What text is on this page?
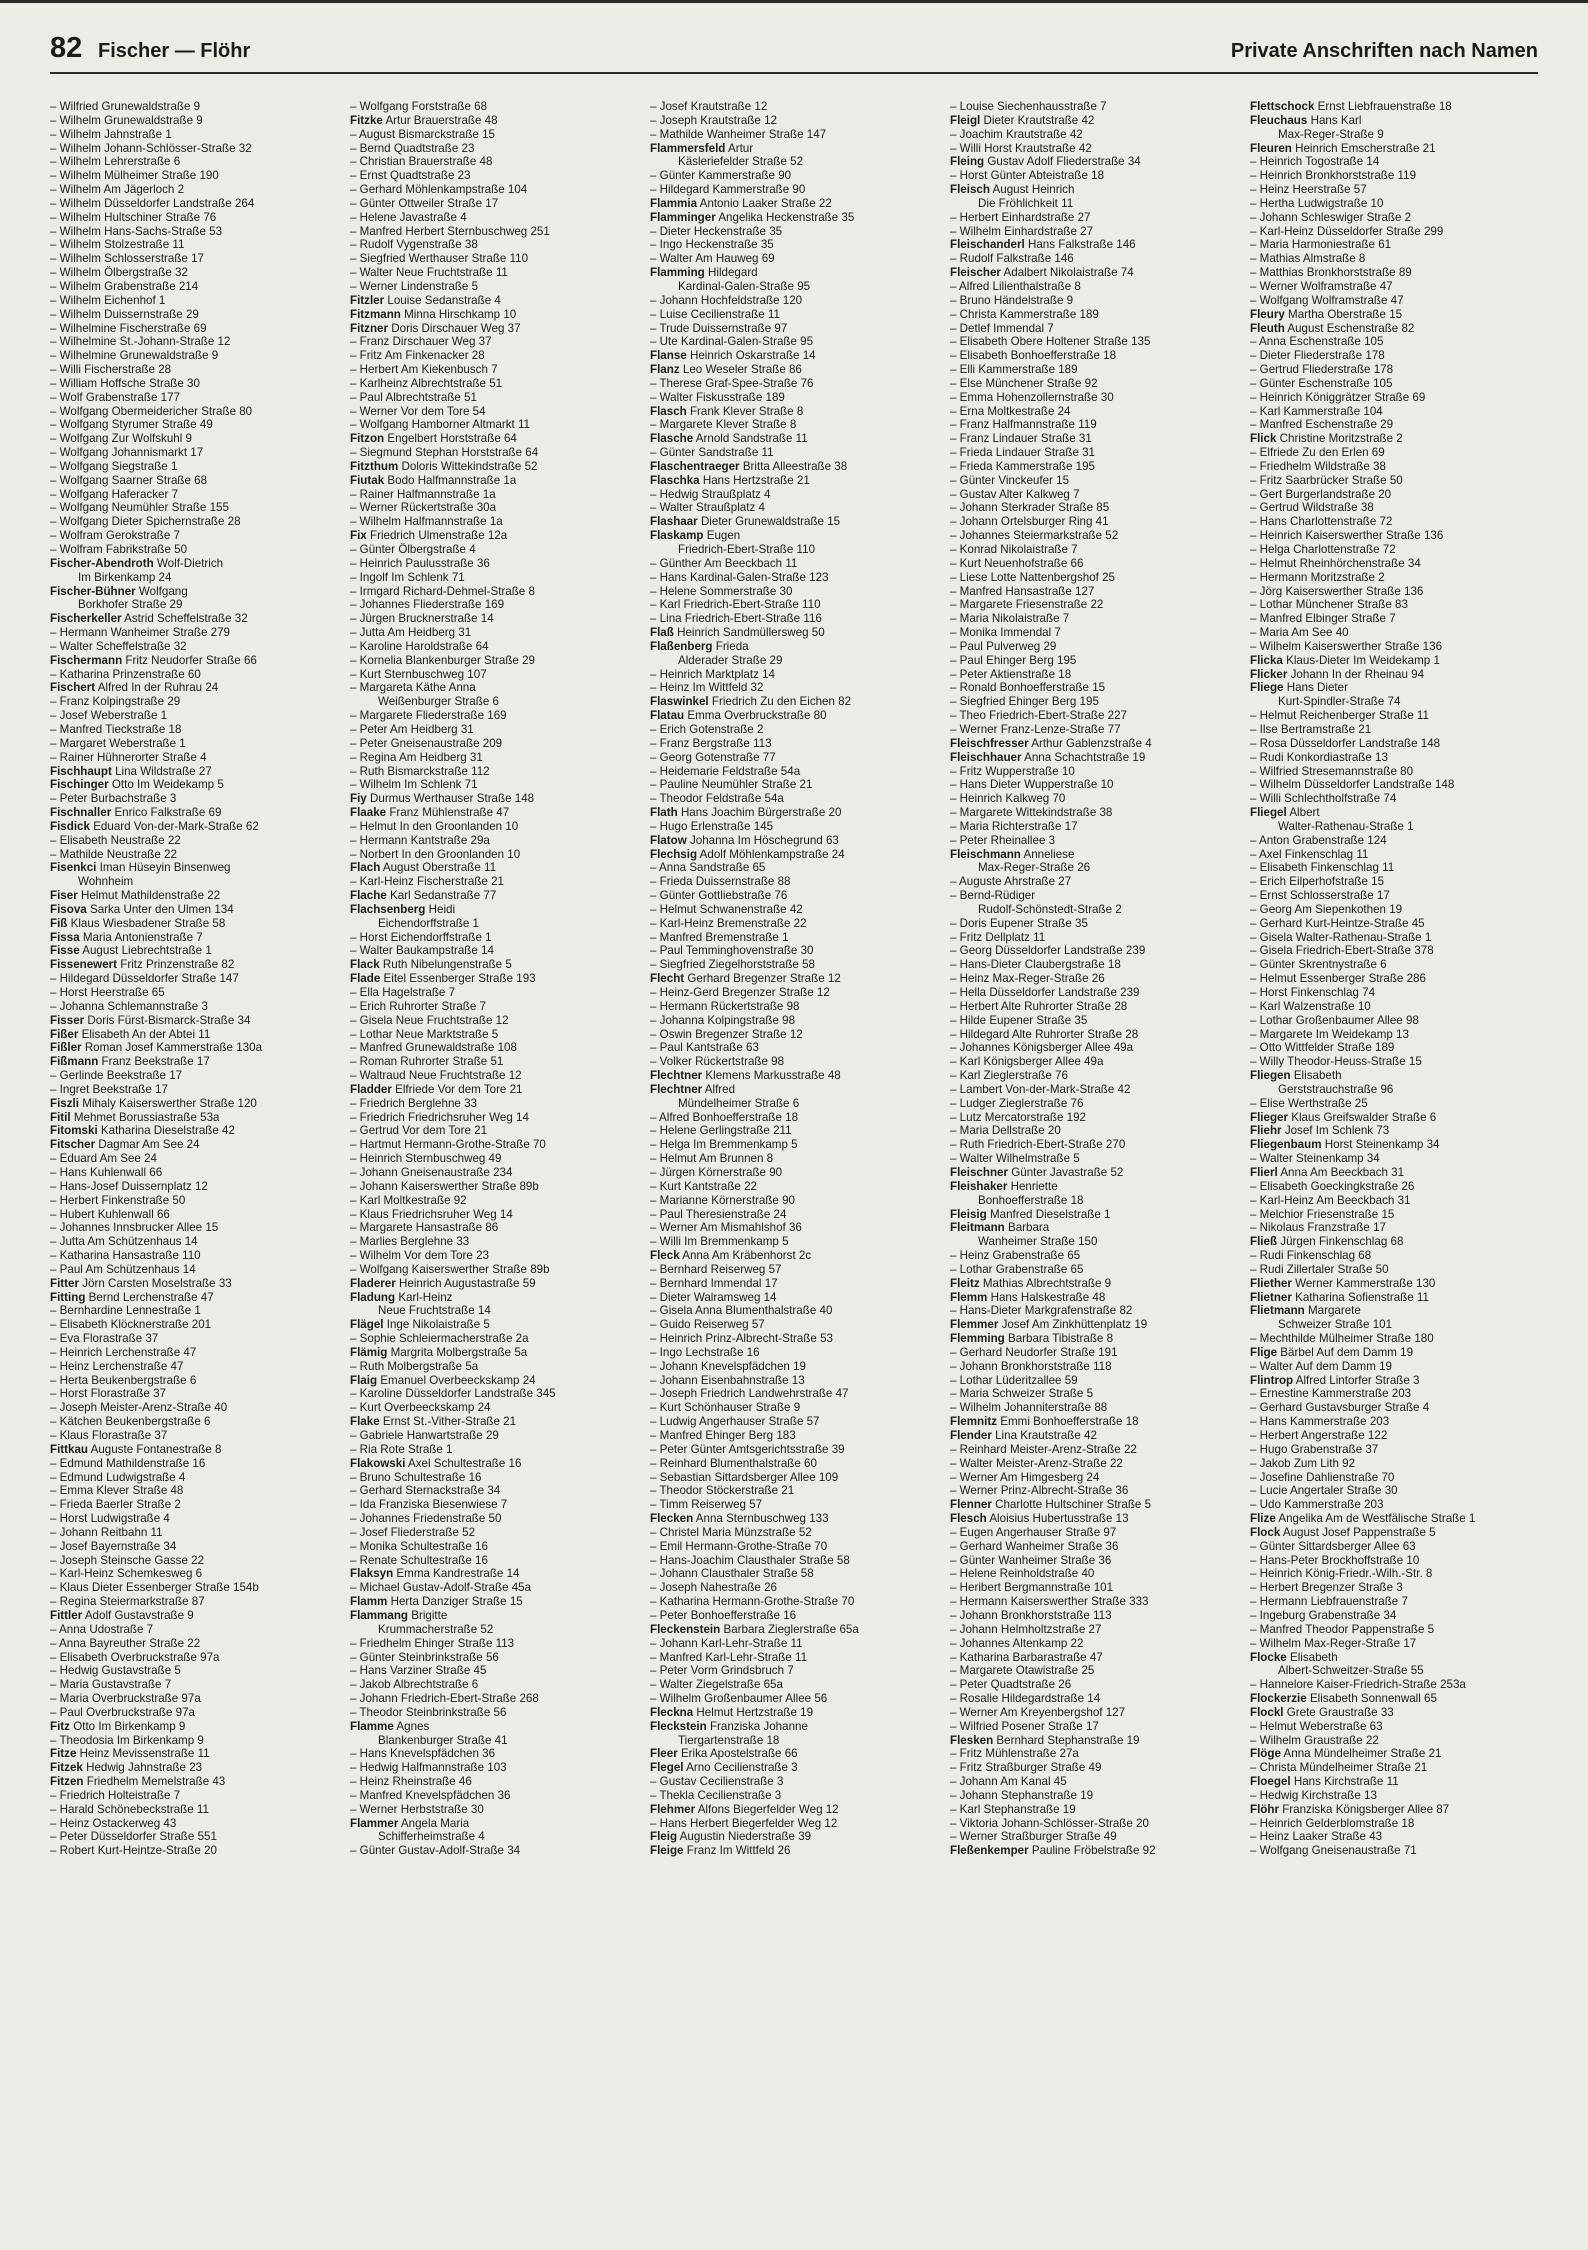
82 Fischer — Flöhr	Private Anschriften nach Namen
– Wilfried Grunewaldstraße 9
– Wilhelm Grunewaldstraße 9
– Wilhelm Jahnstraße 1
– Wilhelm Johann-Schlösser-Straße 32
– Wilhelm Lehrerstraße 6
– Wilhelm Mülheimer Straße 190
– Wilhelm Am Jägerloch 2
– Wilhelm Düsseldorfer Landstraße 264
– Wilhelm Hultschiner Straße 76
– Wilhelm Hans-Sachs-Straße 53
– Wilhelm Stolzestraße 11
– Wilhelm Schlosserstraße 17
– Wilhelm Ölbergstraße 32
– Wilhelm Grabenstraße 214
– Wilhelm Eichenhof 1
– Wilhelm Duissernstraße 29
– Wilhelmine Fischerstraße 69
– Wilhelmine St.-Johann-Straße 12
– Wilhelmine Grunewaldstraße 9
– Willi Fischerstraße 28
– William Hoffsche Straße 30
– Wolf Grabenstraße 177
– Wolfgang Obermeidericher Straße 80
– Wolfgang Styrumer Straße 49
– Wolfgang Zur Wolfskuhl 9
– Wolfgang Johannismarkt 17
– Wolfgang Siegstraße 1
– Wolfgang Saarner Straße 68
– Wolfgang Haferacker 7
– Wolfgang Neumühler Straße 155
– Wolfgang Dieter Spichernstraße 28
– Wolfram Gerokstraße 7
– Wolfram Fabrikstraße 50
Fischer-Abendroth Wolf-Dietrich
Im Birkenkamp 24
Fischer-Bühner Wolfgang
Borkhofer Straße 29
Fischerkeller Astrid Scheffelstraße 32
– Hermann Wanheimer Straße 279
– Walter Scheffelstraße 32
Fischermann Fritz Neudorfer Straße 66
– Katharina Prinzenstraße 60
Fischert Alfred In der Ruhrau 24
– Franz Kolpingstraße 29
– Josef Weberstraße 1
– Manfred Tieckstraße 18
– Margaret Weberstraße 1
– Rainer Hühnerorter Straße 4
Fischhaupt Lina Wildstraße 27
Fischinger Otto Im Weidekamp 5
– Peter Burbachstraße 3
Fischnaller Enrico Falkstraße 69
Fisdick Eduard Von-der-Mark-Straße 62
– Elisabeth Neustraße 22
– Mathilde Neustraße 22
Fisenkci Iman Hüseyin Binsenweg
Wohnheim
Fiser Helmut Mathildenstraße 22
Fisova Sarka Unter den Ulmen 134
Fiß Klaus Wiesbadener Straße 58
Fissa Maria Antonienstraße 7
Fisse August Liebrechtstraße 1
Fissenewert Fritz Prinzenstraße 82
– Hildegard Düsseldorfer Straße 147
– Horst Heerstraße 65
– Johanna Schlemannstraße 3
Fisser Doris Fürst-Bismarck-Straße 34
Fißer Elisabeth An der Abtei 11
Fißler Roman Josef Kammerstraße 130a
Fißmann Franz Beekstraße 17
– Gerlinde Beekstraße 17
– Ingret Beekstraße 17
Fiszli Mihaly Kaiserswerther Straße 120
Fitil Mehmet Borussiastraße 53a
Fitomski Katharina Dieselstraße 42
Fitscher Dagmar Am See 24
– Eduard Am See 24
– Hans Kuhlenwall 66
– Hans-Josef Duissernplatz 12
– Herbert Finkenstraße 50
– Hubert Kuhlenwall 66
– Johannes Innsbrucker Allee 15
– Jutta Am Schützenhaus 14
– Katharina Hansastraße 110
– Paul Am Schützenhaus 14
Fitter Jörn Carsten Moselstraße 33
Fitting Bernd Lerchenstraße 47
– Bernhardine Lennestraße 1
– Elisabeth Klöcknerstraße 201
– Eva Florastraße 37
– Heinrich Lerchenstraße 47
– Heinz Lerchenstraße 47
– Herta Beukenbergstraße 6
– Horst Florastraße 37
– Joseph Meister-Arenz-Straße 40
– Kätchen Beukenbergstraße 6
– Klaus Florastraße 37
Fittkau Auguste Fontanestraße 8
– Edmund Mathildenstraße 16
– Edmund Ludwigstraße 4
– Emma Klever Straße 48
– Frieda Baerler Straße 2
– Horst Ludwigstraße 4
– Johann Reitbahn 11
– Josef Bayernstraße 34
– Joseph Steinsche Gasse 22
– Karl-Heinz Schemkesweg 6
– Klaus Dieter Essenberger Straße 154b
– Regina Steiermarkstraße 87
Fittler Adolf Gustavstraße 9
– Anna Udostraße 7
– Anna Bayreuther Straße 22
– Elisabeth Overbruckstraße 97a
– Hedwig Gustavstraße 5
– Maria Gustavstraße 7
– Maria Overbruckstraße 97a
– Paul Overbruckstraße 97a
Fitz Otto Im Birkenkamp 9
– Theodosia Im Birkenkamp 9
Fitze Heinz Mevissenstraße 11
Fitzek Hedwig Jahnstraße 23
Fitzen Friedhelm Memelstraße 43
– Friedrich Holteistraße 7
– Harald Schönebeckstraße 11
– Heinz Ostackerweg 43
– Peter Düsseldorfer Straße 551
– Robert Kurt-Heintze-Straße 20
– Wolfgang Forststraße 68
Fitzke Artur Brauerstraße 48
– August Bismarckstraße 15
– Bernd Quadtstraße 23
– Christian Brauerstraße 48
– Ernst Quadtstraße 23
– Gerhard Möhlenkampstraße 104
– Günter Ottweiler Straße 17
– Helene Javastraße 4
– Manfred Herbert Sternbuschweg 251
– Rudolf Vygenstraße 38
– Siegfried Werthauser Straße 110
– Walter Neue Fruchtstraße 11
– Werner Lindenstraße 5
Fitzler Louise Sedanstraße 4
Fitzmann Minna Hirschkamp 10
Fitzner Doris Dirschauer Weg 37
– Franz Dirschauer Weg 37
– Fritz Am Finkenacker 28
– Herbert Am Kiekenbusch 7
– Karlheinz Albrechtstraße 51
– Paul Albrechtstraße 51
– Werner Vor dem Tore 54
– Wolfgang Hamborner Altmarkt 11
Fitzon Engelbert Horststraße 64
– Siegmund Stephan Horststraße 64
Fitzthum Doloris Wittekindstraße 52
Fiutak Bodo Halfmannstraße 1a
– Rainer Halfmannstraße 1a
– Werner Rückertstraße 30a
– Wilhelm Halfmannstraße 1a
Fix Friedrich Ulmenstraße 12a
– Günter Ölbergstraße 4
– Heinrich Paulusstraße 36
– Ingolf Im Schlenk 71
– Irmgard Richard-Dehmel-Straße 8
– Johannes Fliederstraße 169
– Jürgen Brucknerstraße 14
– Jutta Am Heidberg 31
– Karoline Haroldstraße 64
– Kornelia Blankenburger Straße 29
– Kurt Sternbuschweg 107
– Margareta Käthe Anna
Weißenburger Straße 6
– Margarete Fliederstraße 169
– Peter Am Heidberg 31
– Peter Gneisenaustraße 209
– Regina Am Heidberg 31
– Ruth Bismarckstraße 112
– Wilhelm Im Schlenk 71
Fiy Durmus Werthauser Straße 148
Flaake Franz Mühlenstraße 47
– Helmut In den Groonlanden 10
– Hermann Kantstraße 29a
– Norbert In den Groonlanden 10
Flach August Oberstraße 11
– Karl-Heinz Fischerstraße 21
Flache Karl Sedanstraße 77
Flachsenberg Heidi
Eichendorffstraße 1
– Horst Eichendorffstraße 1
– Walter Baukampstraße 14
Flack Ruth Nibelungenstraße 5
Flade Eitel Essenberger Straße 193
– Ella Hagelstraße 7
– Erich Ruhrorter Straße 7
– Gisela Neue Fruchtstraße 12
– Lothar Neue Marktstraße 5
– Manfred Grunewaldstraße 108
– Roman Ruhrorter Straße 51
– Waltraud Neue Fruchtstraße 12
Fladder Elfriede Vor dem Tore 21
– Friedrich Berglehne 33
– Friedrich Friedrichsruher Weg 14
– Gertrud Vor dem Tore 21
– Hartmut Hermann-Grothe-Straße 70
– Heinrich Sternbuschweg 49
– Johann Gneisenaustraße 234
– Johann Kaiserswerther Straße 89b
– Karl Moltkestraße 92
– Klaus Friedrichsruher Weg 14
– Margarete Hansastraße 86
– Marlies Berglehne 33
– Wilhelm Vor dem Tore 23
– Wolfgang Kaiserswerther Straße 89b
Fladerer Heinrich Augustastraße 59
Fladung Karl-Heinz
Neue Fruchtstraße 14
Flägel Inge Nikolaistraße 5
– Sophie Schleiermacherstraße 2a
Flämig Margrita Molbergstraße 5a
– Ruth Molbergstraße 5a
Flaig Emanuel Overbeeckskamp 24
– Karoline Düsseldorfer Landstraße 345
– Kurt Overbeeckskamp 24
Flake Ernst St.-Vither-Straße 21
– Gabriele Hanwartstraße 29
– Ria Rote Straße 1
Flakowski Axel Schultestraße 16
– Bruno Schultestraße 16
– Gerhard Sternackstraße 34
– Ida Franziska Biesenwiese 7
– Johannes Friedenstraße 50
– Josef Fliederstraße 52
– Monika Schultestraße 16
– Renate Schultestraße 16
Flaksyn Emma Kandrestraße 14
– Michael Gustav-Adolf-Straße 45a
Flamm Herta Danziger Straße 15
Flammang Brigitte
Krummacherstraße 52
– Friedhelm Ehinger Straße 113
– Günter Steinbrinkstraße 56
– Hans Varziner Straße 45
– Jakob Albrechtstraße 6
– Johann Friedrich-Ebert-Straße 268
– Theodor Steinbrinkstraße 56
Flamme Agnes
Blankenburger Straße 41
– Hans Knevelspfädchen 36
– Hedwig Halfmannstraße 103
– Heinz Rheinstraße 46
– Manfred Knevelspfädchen 36
– Werner Herbststraße 30
Flammer Angela Maria
Schifferheimstraße 4
– Günter Gustav-Adolf-Straße 34
– Josef Krautstraße 12
– Joseph Krautstraße 12
– Mathilde Wanheimer Straße 147
Flammersfeld Artur
Käsleriefelder Straße 52
– Günter Kammerstraße 90
– Hildegard Kammerstraße 90
Flammia Antonio Laaker Straße 22
Flamminger Angelika Heckenstraße 35
– Dieter Heckenstraße 35
– Ingo Heckenstraße 35
– Walter Am Hauweg 69
Flamming Hildegard
Kardinal-Galen-Straße 95
– Johann Hochfeldstraße 120
– Luise Cecilienstraße 11
– Trude Duissernstraße 97
– Ute Kardinal-Galen-Straße 95
Flanse Heinrich Oskarstraße 14
Flanz Leo Weseler Straße 86
– Therese Graf-Spee-Straße 76
– Walter Fiskusstraße 189
Flasch Frank Klever Straße 8
– Margarete Klever Straße 8
Flasche Arnold Sandstraße 11
– Günter Sandstraße 11
Flaschentraeger Britta Alleestraße 38
Flaschka Hans Hertzstraße 21
– Hedwig Straußplatz 4
– Walter Straußplatz 4
Flashaar Dieter Grunewaldstraße 15
Flaskamp Eugen
Friedrich-Ebert-Straße 110
– Günther Am Beeckbach 11
– Hans Kardinal-Galen-Straße 123
– Helene Sommerstraße 30
– Karl Friedrich-Ebert-Straße 110
– Lina Friedrich-Ebert-Straße 116
Flaß Heinrich Sandmüllersweg 50
Flaßenberg Frieda
Alderader Straße 29
– Heinrich Marktplatz 14
– Heinz Im Wittfeld 32
Flaswinkel Friedrich Zu den Eichen 82
Flatau Emma Overbruckstraße 80
– Erich Gotenstraße 2
– Franz Bergstraße 113
– Georg Gotenstraße 77
– Heidemarie Feldstraße 54a
– Pauline Neumühler Straße 21
– Theodor Feldstraße 54a
Flath Hans Joachim Bürgerstraße 20
– Hugo Erlenstraße 145
Flatow Johanna Im Höschegrund 63
Flechsig Adolf Möhlenkampstraße 24
– Anna Sandstraße 65
– Frieda Duissernstraße 88
– Günter Gottliebstraße 76
– Helmut Schwanenstraße 42
– Karl-Heinz Bremenstraße 22
– Manfred Bremenstraße 1
– Paul Temminghovenstraße 30
– Siegfried Ziegelhorststraße 58
Flecht Gerhard Bregenzer Straße 12
– Heinz-Gerd Bregenzer Straße 12
– Hermann Rückertstraße 98
– Johanna Kolpingstraße 98
– Oswin Bregenzer Straße 12
– Paul Kantstraße 63
– Volker Rückertstraße 98
Flechtner Klemens Markusstraße 48
Flechtner Alfred
Mündelheimer Straße 6
– Alfred Bonhoefferstraße 18
– Helene Gerlingstraße 211
– Helga Im Bremmenkamp 5
– Helmut Am Brunnen 8
– Jürgen Körnerstraße 90
– Kurt Kantstraße 22
– Marianne Körnerstraße 90
– Paul Theresienstraße 24
– Werner Am Mismahlshof 36
– Willi Im Bremmenkamp 5
Fleck Anna Am Kräbenhorst 2c
– Bernhard Reiserweg 57
– Bernhard Immendal 17
– Dieter Walramsweg 14
– Gisela Anna Blumenthalstraße 40
– Guido Reiserweg 57
– Heinrich Prinz-Albrecht-Straße 53
– Ingo Lechstraße 16
– Johann Knevelspfädchen 19
– Johann Eisenbahnstraße 13
– Joseph Friedrich Landwehrstraße 47
– Kurt Schönhauser Straße 9
– Ludwig Angerhauser Straße 57
– Manfred Ehinger Berg 183
– Peter Günter Amtsgerichtsstraße 39
– Reinhard Blumenthalstraße 60
– Sebastian Sittardsberger Allee 109
– Theodor Stöckerstraße 21
– Timm Reiserweg 57
Flecken Anna Sternbuschweg 133
– Christel Maria Münzstraße 52
– Emil Hermann-Grothe-Straße 70
– Hans-Joachim Clausthaler Straße 58
– Johann Clausthaler Straße 58
– Joseph Nahestraße 26
– Katharina Hermann-Grothe-Straße 70
– Peter Bonhoefferstraße 16
Fleckenstein Barbara Zieglerstraße 65a
– Johann Karl-Lehr-Straße 11
– Manfred Karl-Lehr-Straße 11
– Peter Vorm Grindsbruch 7
– Walter Ziegelstraße 65a
– Wilhelm Großenbaumer Allee 56
Fleckna Helmut Hertzstraße 19
Fleckstein Franziska Johanne
Tiergartenstraße 18
Fleer Erika Apostelstraße 66
Flegel Arno Cecilienstraße 3
– Gustav Cecilienstraße 3
– Thekla Cecilienstraße 3
Flehmer Alfons Biegerfelder Weg 12
– Hans Herbert Biegerfelder Weg 12
Fleig Augustin Niederstraße 39
Fleige Franz Im Wittfeld 26
– Louise Siechenhausstraße 7
Fleigl Dieter Krautstraße 42
– Joachim Krautstraße 42
– Willi Horst Krautstraße 42
Fleing Gustav Adolf Fliederstraße 34
– Horst Günter Abteistraße 18
Fleisch August Heinrich
Die Fröhlichkeit 11
– Herbert Einhardstraße 27
– Wilhelm Einhardstraße 27
Fleischanderl Hans Falkstraße 146
– Rudolf Falkstraße 146
Fleischer Adalbert Nikolaistraße 74
– Alfred Lilienthalstraße 8
– Bruno Händelstraße 9
– Christa Kammerstraße 189
– Detlef Immendal 7
– Elisabeth Obere Holtener Straße 135
– Elisabeth Bonhoefferstraße 18
– Elli Kammerstraße 189
– Else Münchener Straße 92
– Emma Hohenzollernstraße 30
– Erna Moltkestraße 24
– Franz Halfmannstraße 119
– Franz Lindauer Straße 31
– Frieda Lindauer Straße 31
– Frieda Kammerstraße 195
– Günter Vinckeufer 15
– Gustav Alter Kalkweg 7
– Johann Sterkrader Straße 85
– Johann Ortelsburger Ring 41
– Johannes Steiermarkstraße 52
– Konrad Nikolaistraße 7
– Kurt Neuenhofstraße 66
– Liese Lotte Nattenbergshof 25
– Manfred Hansastraße 127
– Margarete Friesenstraße 22
– Maria Nikolaistraße 7
– Monika Immendal 7
– Paul Pulverweg 29
– Paul Ehinger Berg 195
– Peter Aktienstraße 18
– Ronald Bonhoefferstraße 15
– Siegfried Ehinger Berg 195
– Theo Friedrich-Ebert-Straße 227
– Werner Franz-Lenze-Straße 77
Fleischfresser Arthur Gablenzstraße 4
Fleischhauer Anna Schachtstraße 19
– Fritz Wupperstraße 10
– Hans Dieter Wupperstraße 10
– Heinrich Kalkweg 70
– Margarete Wittekindstraße 38
– Maria Richterstraße 17
– Peter Rheinallee 3
Fleischmann Anneliese
Max-Reger-Straße 26
– Auguste Ahrstraße 27
– Bernd-Rüdiger
Rudolf-Schönstedt-Straße 2
– Doris Eupener Straße 35
– Fritz Dellplatz 11
– Georg Düsseldorfer Landstraße 239
– Hans-Dieter Claubergstraße 18
– Heinz Max-Reger-Straße 26
– Hella Düsseldorfer Landstraße 239
– Herbert Alte Ruhrorter Straße 28
– Hilde Eupener Straße 35
– Hildegard Alte Ruhrorter Straße 28
– Johannes Königsberger Allee 49a
– Karl Königsberger Allee 49a
– Karl Zieglerstraße 76
– Lambert Von-der-Mark-Straße 42
– Ludger Zieglerstraße 76
– Lutz Mercatorstraße 192
– Maria Dellstraße 20
– Ruth Friedrich-Ebert-Straße 270
– Walter Wilhelmstraße 5
Fleischner Günter Javastraße 52
Fleishaker Henriette
Bonhoefferstraße 18
Fleisig Manfred Dieselstraße 1
Fleitmann Barbara
Wanheimer Straße 150
– Heinz Grabenstraße 65
– Lothar Grabenstraße 65
Fleitz Mathias Albrechtstraße 9
Flemm Hans Halskestraße 48
– Hans-Dieter Markgrafenstraße 82
Flemmer Josef Am Zinkhüttenplatz 19
Flemming Barbara Tibistraße 8
– Gerhard Neudorfer Straße 191
– Johann Bronkhorststraße 118
– Lothar Lüderitzallee 59
– Maria Schweizer Straße 5
– Wilhelm Johanniterstraße 88
Flemnitz Emmi Bonhoefferstraße 18
Flender Lina Krautstraße 42
– Reinhard Meister-Arenz-Straße 22
– Walter Meister-Arenz-Straße 22
– Werner Am Himgesberg 24
– Werner Prinz-Albrecht-Straße 36
Flenner Charlotte Hultschiner Straße 5
Flesch Aloisius Hubertusstraße 13
– Eugen Angerhauser Straße 97
– Gerhard Wanheimer Straße 36
– Günter Wanheimer Straße 36
– Helene Reinholdstraße 40
– Heribert Bergmannstraße 101
– Hermann Kaiserswerther Straße 333
– Johann Bronkhorststraße 113
– Johann Helmholtzstraße 27
– Johannes Altenkamp 22
– Katharina Barbarastraße 47
– Margarete Otawistraße 25
– Peter Quadtstraße 26
– Rosalie Hildegardstraße 14
– Werner Am Kreyenbergshof 127
– Wilfried Posener Straße 17
Flesken Bernhard Stephanstraße 19
– Fritz Mühlenstraße 27a
– Fritz Straßburger Straße 49
– Johann Am Kanal 45
– Johann Stephanstraße 19
– Karl Stephanstraße 19
– Viktoria Johann-Schlösser-Straße 20
– Werner Straßburger Straße 49
Fleßenkemper Pauline Fröbelstraße 92
Flettschock Ernst Liebfrauenstraße 18
Fleuchaus Hans Karl
Max-Reger-Straße 9
Fleuren Heinrich Emscherstraße 21
– Heinrich Togostraße 14
– Heinrich Bronkhorststraße 119
– Heinz Heerstraße 57
– Hertha Ludwigstraße 10
– Johann Schleswiger Straße 2
– Karl-Heinz Düsseldorfer Straße 299
– Maria Harmoniestraße 61
– Mathias Almstraße 8
– Matthias Bronkhorststraße 89
– Werner Wolframstraße 47
– Wolfgang Wolframstraße 47
Fleury Martha Oberstraße 15
Fleuth August Eschenstraße 82
– Anna Eschenstraße 105
– Dieter Fliederstraße 178
– Gertrud Fliederstraße 178
– Günter Eschenstraße 105
– Heinrich Königgrätzer Straße 69
– Karl Kammerstraße 104
– Manfred Eschenstraße 29
Flick Christine Moritzstraße 2
– Elfriede Zu den Erlen 69
– Friedhelm Wildstraße 38
– Fritz Saarbrücker Straße 50
– Gert Burgerlandstraße 20
– Gertrud Wildstraße 38
– Hans Charlottenstraße 72
– Heinrich Kaiserswerther Straße 136
– Helga Charlottenstraße 72
– Helmut Rheinhörchenstraße 34
– Hermann Moritzstraße 2
– Jörg Kaiserswerther Straße 136
– Lothar Münchener Straße 83
– Manfred Elbinger Straße 7
– Maria Am See 40
– Wilhelm Kaiserswerther Straße 136
Flicka Klaus-Dieter Im Weidekamp 1
Flicker Johann In der Rheinau 94
Fliege Hans Dieter
Kurt-Spindler-Straße 74
– Helmut Reichenberger Straße 11
– Ilse Bertramstraße 21
– Rosa Düsseldorfer Landstraße 148
– Rudi Konkordiastraße 13
– Wilfried Stresemannstraße 80
– Wilhelm Düsseldorfer Landstraße 148
– Willi Schlechtholfstraße 74
Fliegel Albert
Walter-Rathenau-Straße 1
– Anton Grabenstraße 124
– Axel Finkenschlag 11
– Elisabeth Finkenschlag 11
– Erich Eilperhofstraße 15
– Ernst Schlosserstraße 17
– Georg Am Siepenkothen 19
– Gerhard Kurt-Heintze-Straße 45
– Gisela Walter-Rathenau-Straße 1
– Gisela Friedrich-Ebert-Straße 378
– Günter Skrentnystraße 6
– Helmut Essenberger Straße 286
– Horst Finkenschlag 74
– Karl Walzenstraße 10
– Lothar Großenbaumer Allee 98
– Margarete Im Weidekamp 13
– Otto Wittfelder Straße 189
– Willy Theodor-Heuss-Straße 15
Fliegen Elisabeth
Gerststrauchstraße 96
– Elise Werthstraße 25
Flieger Klaus Greifswalder Straße 6
Fliehr Josef Im Schlenk 73
Fliegenbaum Horst Steinenkamp 34
– Walter Steinenkamp 34
Flierl Anna Am Beeckbach 31
– Elisabeth Goeckingkstraße 26
– Karl-Heinz Am Beeckbach 31
– Melchior Friesenstraße 15
– Nikolaus Franzstraße 17
Fließ Jürgen Finkenschlag 68
– Rudi Finkenschlag 68
– Rudi Zillertaler Straße 50
Fliether Werner Kammerstraße 130
Flietner Katharina Sofienstraße 11
Flietmann Margarete
Schweizer Straße 101
– Mechthilde Mülheimer Straße 180
Flige Bärbel Auf dem Damm 19
– Walter Auf dem Damm 19
Flintrop Alfred Lintorfer Straße 3
– Ernestine Kammerstraße 203
– Gerhard Gustavsburger Straße 4
– Hans Kammerstraße 203
– Herbert Angerstraße 122
– Hugo Grabenstraße 37
– Jakob Zum Lith 92
– Josefine Dahlienstraße 70
– Lucie Angertaler Straße 30
– Udo Kammerstraße 203
Flize Angelika Am de Westfälische Straße 1
Flock August Josef Pappenstraße 5
– Günter Sittardsberger Allee 63
– Hans-Peter Brockhoffstraße 10
– Heinrich König-Friedr.-Wilh.-Str. 8
– Herbert Bregenzer Straße 3
– Hermann Liebfrauenstraße 7
– Ingeburg Grabenstraße 34
– Manfred Theodor Pappenstraße 5
– Wilhelm Max-Reger-Straße 17
Flocke Elisabeth
Albert-Schweitzer-Straße 55
– Hannelore Kaiser-Friedrich-Straße 253a
Flockerzie Elisabeth Sonnenwall 65
Flockl Grete Graustraße 33
– Helmut Weberstraße 63
– Wilhelm Graustraße 22
Flöge Anna Mündelheimer Straße 21
– Christa Mündelheimer Straße 21
Floegel Hans Kirchstraße 11
– Hedwig Kirchstraße 13
Flöhr Franziska Königsberger Allee 87
– Heinrich Gelderblomstraße 18
– Heinz Laaker Straße 43
– Wolfgang Gneisenaustraße 71
